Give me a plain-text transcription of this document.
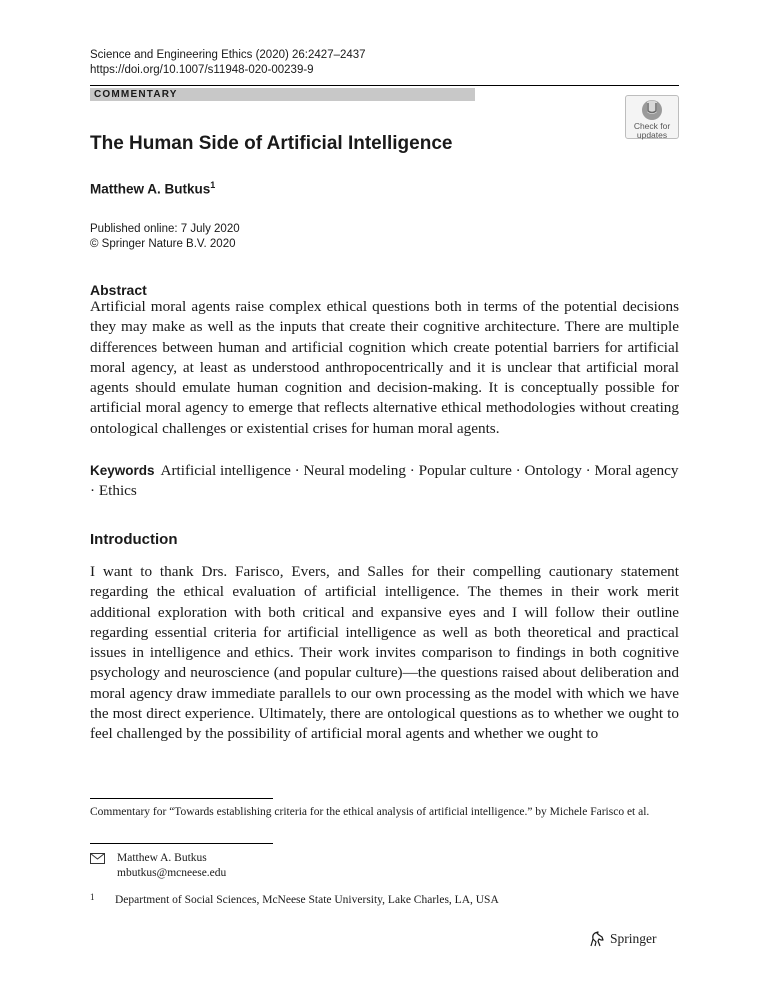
Science and Engineering Ethics (2020) 26:2427–2437
https://doi.org/10.1007/s11948-020-00239-9
COMMENTARY
Check for
updates
The Human Side of Artificial Intelligence
Matthew A. Butkus$^1$
Published online: 7 July 2020
© Springer Nature B.V. 2020
Abstract
Artificial moral agents raise complex ethical questions both in terms of the potential decisions they may make as well as the inputs that create their cognitive architecture. There are multiple differences between human and artificial cognition which create potential barriers for artificial moral agency, at least as understood anthropocentrically and it is unclear that artificial moral agents should emulate human cognition and decision-making. It is conceptually possible for artificial moral agency to emerge that reflects alternative ethical methodologies without creating ontological challenges or existential crises for human moral agents.
Keywords Artificial intelligence · Neural modeling · Popular culture · Ontology · Moral agency · Ethics
Introduction
I want to thank Drs. Farisco, Evers, and Salles for their compelling cautionary statement regarding the ethical evaluation of artificial intelligence. The themes in their work merit additional exploration with both critical and expansive eyes and I will follow their outline regarding essential criteria for artificial intelligence as well as both theoretical and practical issues in intelligence and ethics. Their work invites comparison to findings in both cognitive psychology and neuroscience (and popular culture)—the questions raised about deliberation and moral agency draw immediate parallels to our own processing as the model with which we have the most direct experience. Ultimately, there are ontological questions as to whether we ought to feel challenged by the possibility of artificial moral agents and whether we ought to
Commentary for “Towards establishing criteria for the ethical analysis of artificial intelligence.” by Michele Farisco et al.
Matthew A. Butkus
mbutkus@mcneese.edu
1 Department of Social Sciences, McNeese State University, Lake Charles, LA, USA
Springer
